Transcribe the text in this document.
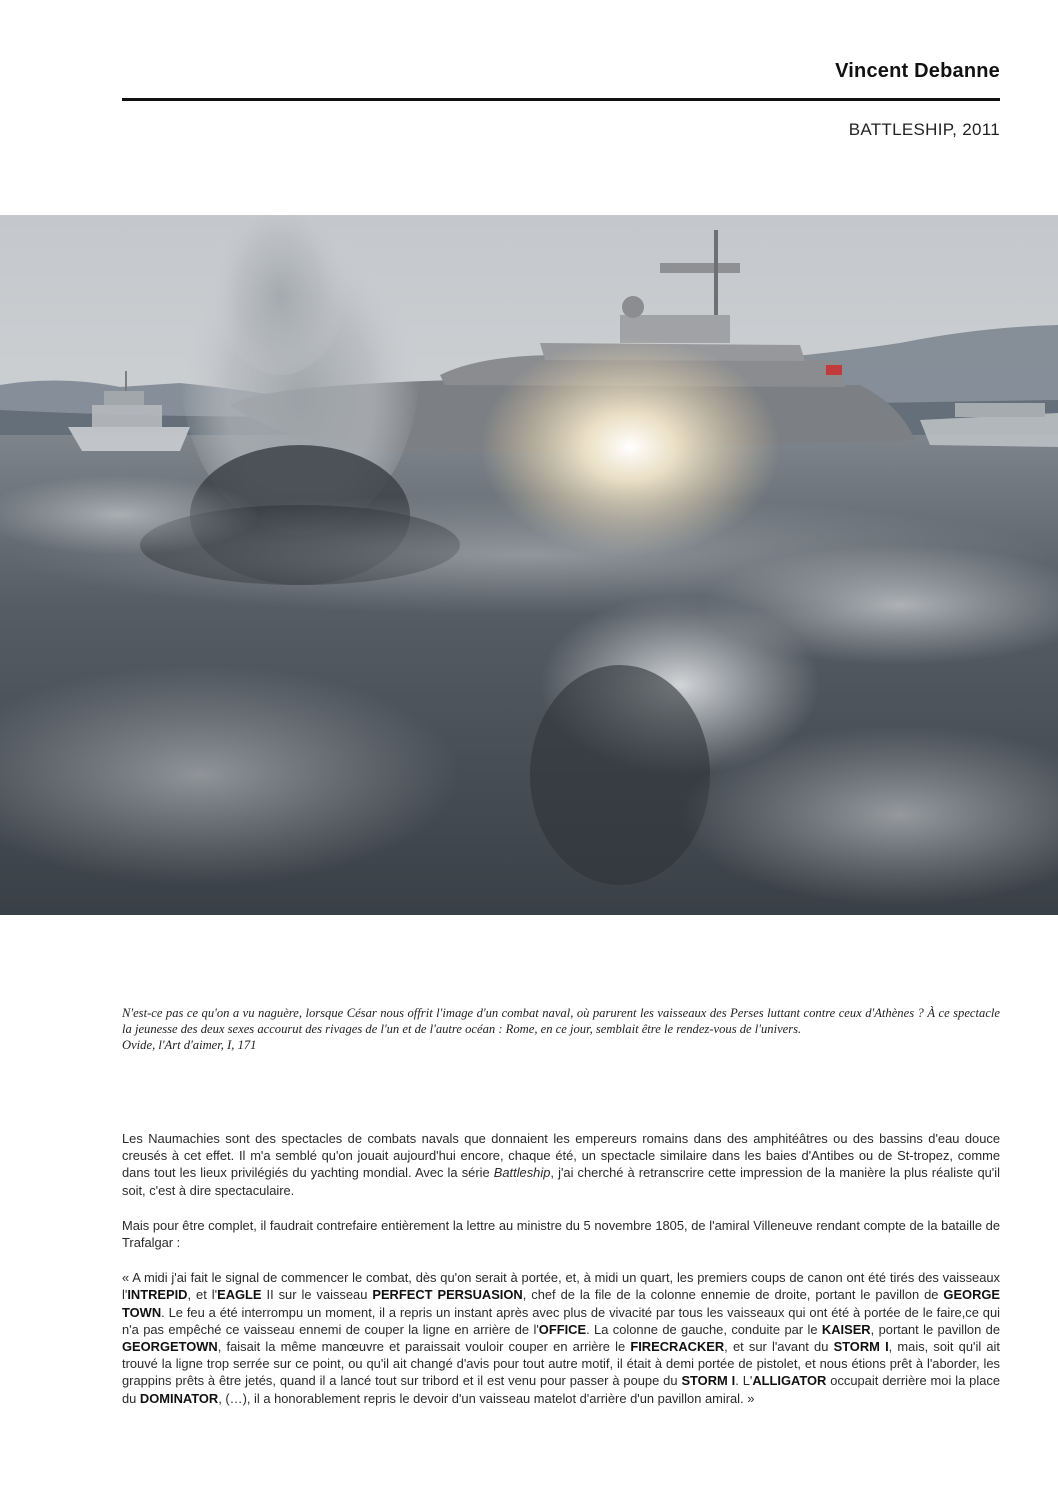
Vincent Debanne
BATTLESHIP, 2011

N'est-ce pas ce qu'on a vu naguère, lorsque César nous offrit l'image d'un combat naval, où parurent les vaisseaux des Perses luttant contre ceux d'Athènes ? À ce spectacle la jeunesse des deux sexes accourut des rivages de l'un et de l'autre océan : Rome, en ce jour, semblait être le rendez-vous de l'univers.

Ovide, l'Art d'aimer, I, 171

Les Naumachies sont des spectacles de combats navals que donnaient les empereurs romains dans des amphitéâtres ou des bassins d'eau douce creusés à cet effet. Il m'a semblé qu'on jouait aujourd'hui encore, chaque été, un spectacle similaire dans les baies d'Antibes ou de St-tropez, comme dans tout les lieux privilégiés du yachting mondial. Avec la série Battleship, j'ai cherché à retranscrire cette impression de la manière la plus réaliste qu'il soit, c'est à dire spectaculaire.

Mais pour être complet, il faudrait contrefaire entièrement la lettre au ministre du 5 novembre 1805, de l'amiral Villeneuve rendant compte de la bataille de Trafalgar :

« A midi j'ai fait le signal de commencer le combat, dès qu'on serait à portée, et, à midi un quart, les premiers coups de canon ont été tirés des vaisseaux l'INTREPID, et l'EAGLE II sur le vaisseau PERFECT PERSUASION, chef de la file de la colonne ennemie de droite, portant le pavillon de GEORGE TOWN. Le feu a été interrompu un moment, il a repris un instant après avec plus de vivacité par tous les vaisseaux qui ont été à portée de le faire,ce qui n'a pas empêché ce vaisseau ennemi de couper la ligne en arrière de l'OFFICE. La colonne de gauche, conduite par le KAISER, portant le pavillon de GEORGETOWN, faisait la même manœuvre et paraissait vouloir couper en arrière le FIRECRACKER, et sur l'avant du STORM I, mais, soit qu'il ait trouvé la ligne trop serrée sur ce point, ou qu'il ait changé d'avis pour tout autre motif, il était à demi portée de pistolet, et nous étions prêt à l'aborder, les grappins prêts à être jetés, quand il a lancé tout sur tribord et il est venu pour passer à poupe du STORM I. L'ALLIGATOR occupait derrière moi la place du DOMINATOR, (…), il a honorablement repris le devoir d'un vaisseau matelot d'arrière d'un pavillon amiral. »
